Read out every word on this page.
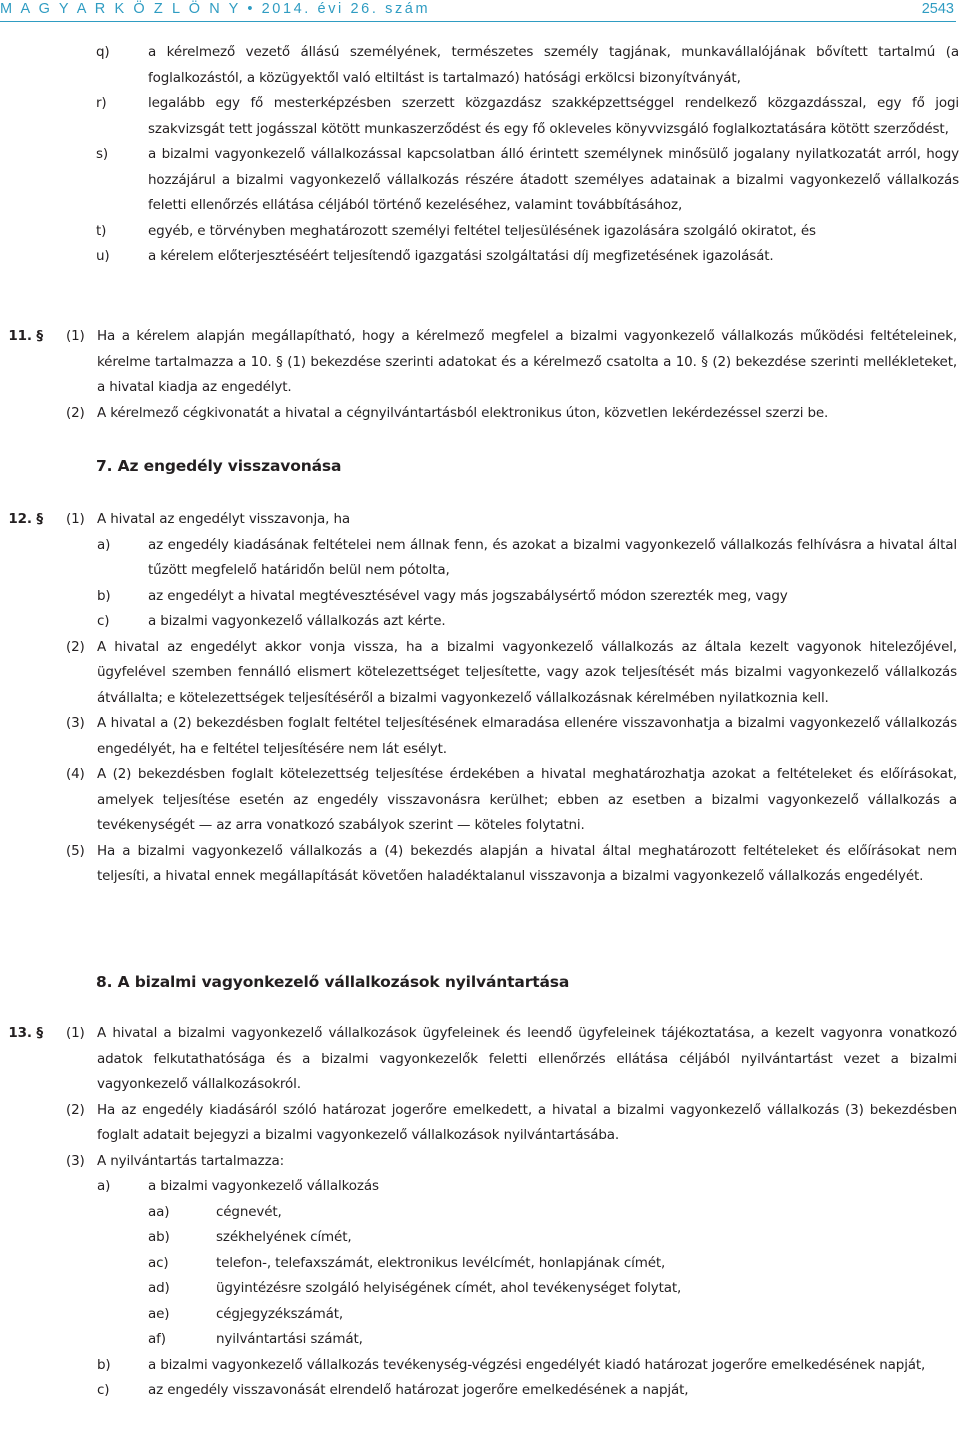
M A G Y A R K Ö Z L Ö N Y • 2014. évi 26. szám	2543
q)	a kérelmező vezető állású személyének, természetes személy tagjának, munkavállalójának bővített tartalmú (a foglalkozástól, a közügyektől való eltiltást is tartalmazó) hatósági erkölcsi bizonyítványát,
r)	legalább egy fő mesterképzésben szerzett közgazdász szakképzettséggel rendelkező közgazdásszal, egy fő jogi szakvizsgát tett jogásszal kötött munkaszerződést és egy fő okleveles könyvvizsgáló foglalkoztatására kötött szerződést,
s)	a bizalmi vagyonkezelő vállalkozással kapcsolatban álló érintett személynek minősülő jogalany nyilatkozatát arról, hogy hozzájárul a bizalmi vagyonkezelő vállalkozás részére átadott személyes adatainak a bizalmi vagyonkezelő vállalkozás feletti ellenőrzés ellátása céljából történő kezeléséhez, valamint továbbításához,
t)	egyéb, e törvényben meghatározott személyi feltétel teljesülésének igazolására szolgáló okiratot, és
u)	a kérelem előterjesztéséért teljesítendő igazgatási szolgáltatási díj megfizetésének igazolását.
11. § (1) Ha a kérelem alapján megállapítható, hogy a kérelmező megfelel a bizalmi vagyonkezelő vállalkozás működési feltételeinek, kérelme tartalmazza a 10. § (1) bekezdése szerinti adatokat és a kérelmező csatolta a 10. § (2) bekezdése szerinti mellékleteket, a hivatal kiadja az engedélyt.
(2) A kérelmező cégkivonatát a hivatal a cégnyilvántartásból elektronikus úton, közvetlen lekérdezéssel szerzi be.
7. Az engedély visszavonása
12. § (1) A hivatal az engedélyt visszavonja, ha
a)	az engedély kiadásának feltételei nem állnak fenn, és azokat a bizalmi vagyonkezelő vállalkozás felhívásra a hivatal által tűzött megfelelő határidőn belül nem pótolta,
b)	az engedélyt a hivatal megtévesztésével vagy más jogszabálysértő módon szerezték meg, vagy
c)	a bizalmi vagyonkezelő vállalkozás azt kérte.
(2) A hivatal az engedélyt akkor vonja vissza, ha a bizalmi vagyonkezelő vállalkozás az általa kezelt vagyonok hitelezőjével, ügyfelével szemben fennálló elismert kötelezettséget teljesítette, vagy azok teljesítését más bizalmi vagyonkezelő vállalkozás átvállalta; e kötelezettségek teljesítéséről a bizalmi vagyonkezelő vállalkozásnak kérelmében nyilatkoznia kell.
(3) A hivatal a (2) bekezdésben foglalt feltétel teljesítésének elmaradása ellenére visszavonhatja a bizalmi vagyonkezelő vállalkozás engedélyét, ha e feltétel teljesítésére nem lát esélyt.
(4) A (2) bekezdésben foglalt kötelezettség teljesítése érdekében a hivatal meghatározhatja azokat a feltételeket és előírásokat, amelyek teljesítése esetén az engedély visszavonásra kerülhet; ebben az esetben a bizalmi vagyonkezelő vállalkozás a tevékenységét — az arra vonatkozó szabályok szerint — köteles folytatni.
(5) Ha a bizalmi vagyonkezelő vállalkozás a (4) bekezdés alapján a hivatal által meghatározott feltételeket és előírásokat nem teljesíti, a hivatal ennek megállapítását követően haladéktalanul visszavonja a bizalmi vagyonkezelő vállalkozás engedélyét.
8. A bizalmi vagyonkezelő vállalkozások nyilvántartása
13. § (1) A hivatal a bizalmi vagyonkezelő vállalkozások ügyfeleinek és leendő ügyfeleinek tájékoztatása, a kezelt vagyonra vonatkozó adatok felkutathatósága és a bizalmi vagyonkezelők feletti ellenőrzés ellátása céljából nyilvántartást vezet a bizalmi vagyonkezelő vállalkozásokról.
(2) Ha az engedély kiadásáról szóló határozat jogerőre emelkedett, a hivatal a bizalmi vagyonkezelő vállalkozás (3) bekezdésben foglalt adatait bejegyzi a bizalmi vagyonkezelő vállalkozások nyilvántartásába.
(3) A nyilvántartás tartalmazza:
a)	a bizalmi vagyonkezelő vállalkozás
aa)	cégnevét,
ab)	székhelyének címét,
ac)	telefon-, telefaxszámát, elektronikus levélcímét, honlapjának címét,
ad)	ügyintézésre szolgáló helyiségének címét, ahol tevékenységet folytat,
ae)	cégjegyzékszámát,
af)	nyilvántartási számát,
b)	a bizalmi vagyonkezelő vállalkozás tevékenység-végzési engedélyét kiadó határozat jogerőre emelkedésének napját,
c)	az engedély visszavonását elrendelő határozat jogerőre emelkedésének a napját,
